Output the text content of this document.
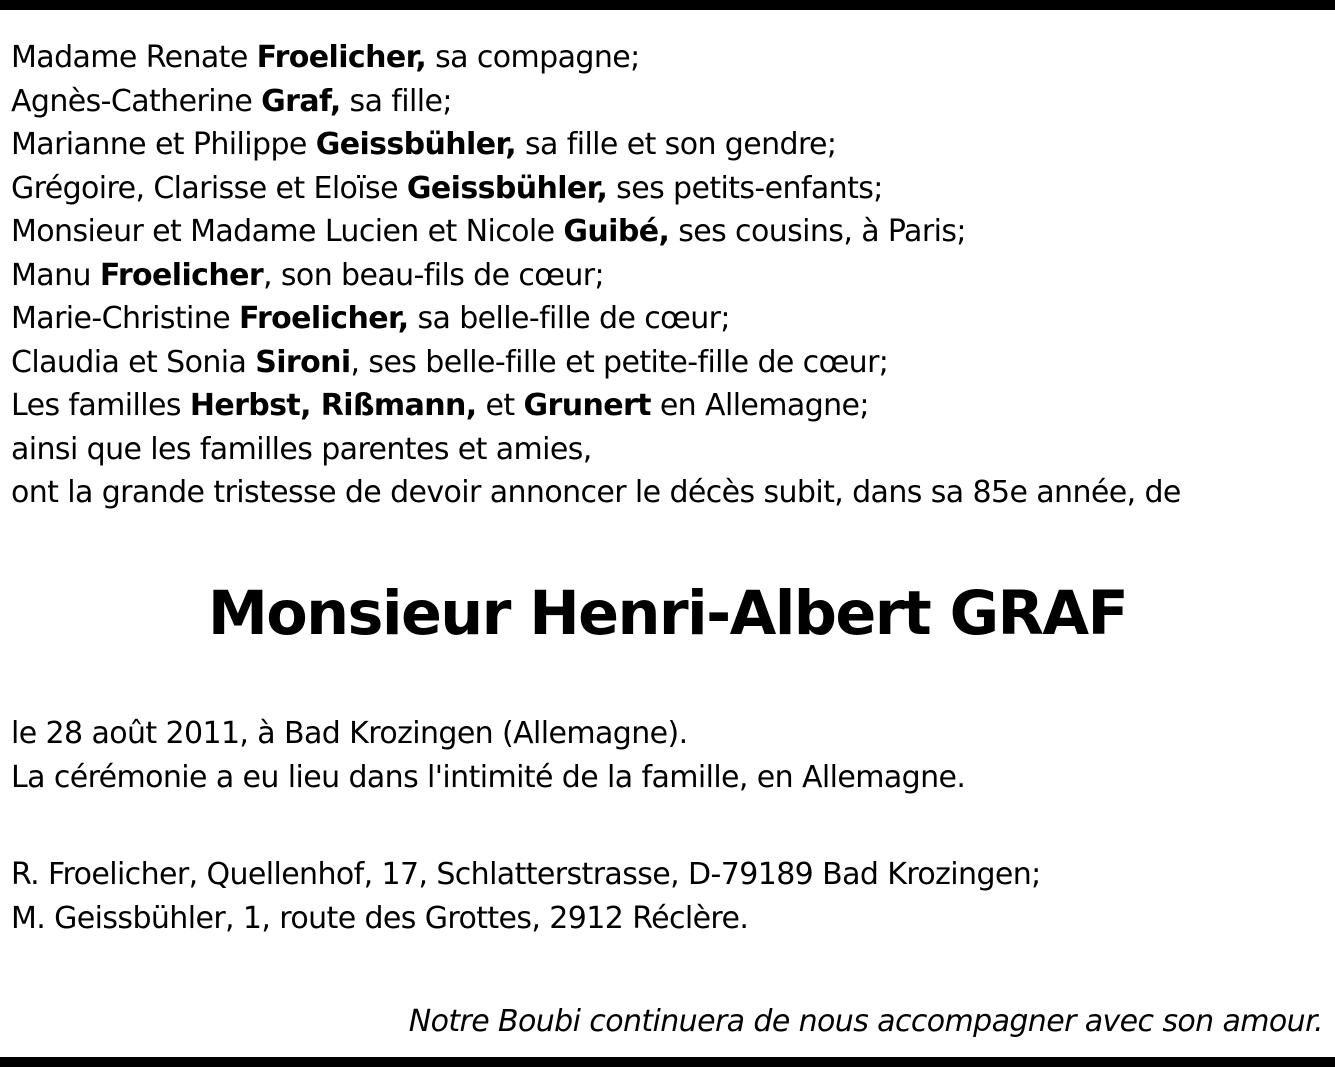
Madame Renate Froelicher, sa compagne;
Agnès-Catherine Graf, sa fille;
Marianne et Philippe Geissbühler, sa fille et son gendre;
Grégoire, Clarisse et Eloïse Geissbühler, ses petits-enfants;
Monsieur et Madame Lucien et Nicole Guibé, ses cousins, à Paris;
Manu Froelicher, son beau-fils de cœur;
Marie-Christine Froelicher, sa belle-fille de cœur;
Claudia et Sonia Sironi, ses belle-fille et petite-fille de cœur;
Les familles Herbst, Rißmann, et Grunert en Allemagne;
ainsi que les familles parentes et amies,
ont la grande tristesse de devoir annoncer le décès subit, dans sa 85e année, de
Monsieur Henri-Albert GRAF
le 28 août 2011, à Bad Krozingen (Allemagne).
La cérémonie a eu lieu dans l'intimité de la famille, en Allemagne.
R. Froelicher, Quellenhof, 17, Schlatterstrasse, D-79189 Bad Krozingen;
M. Geissbühler, 1, route des Grottes, 2912 Réclère.
Notre Boubi continuera de nous accompagner avec son amour.
